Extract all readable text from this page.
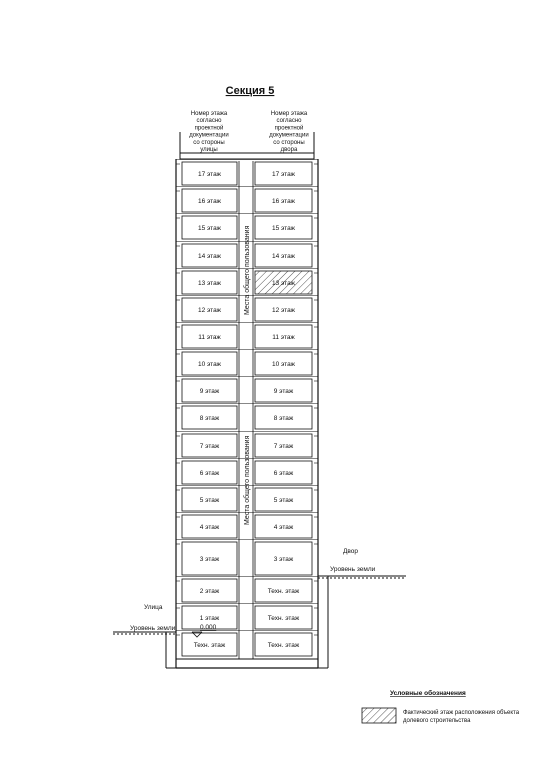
Секция 5
Номер этажа
согласно
проектной
документации
со стороны
улицы
Номер этажа
согласно
проектной
документации
со стороны
двора
17 этаж	17 этаж
16 этаж	16 этаж
15 этаж	15 этаж
14 этаж	14 этаж
13 этаж	13 этаж
12 этаж	12 этаж
11 этаж	11 этаж
10 этаж	10 этаж
9 этаж	9 этаж
8 этаж	8 этаж
7 этаж	7 этаж
6 этаж	6 этаж
5 этаж	5 этаж
4 этаж	4 этаж
3 этаж	3 этаж
2 этаж	Техн. этаж
1 этаж	Техн. этаж
Техн. этаж	Техн. этаж
Места общего пользования
Места общего пользования
Улица
Уровень земли	0.000
Двор
Уровень земли
Условные обозначения
Фактический этаж расположения объекта
долевого строительства
